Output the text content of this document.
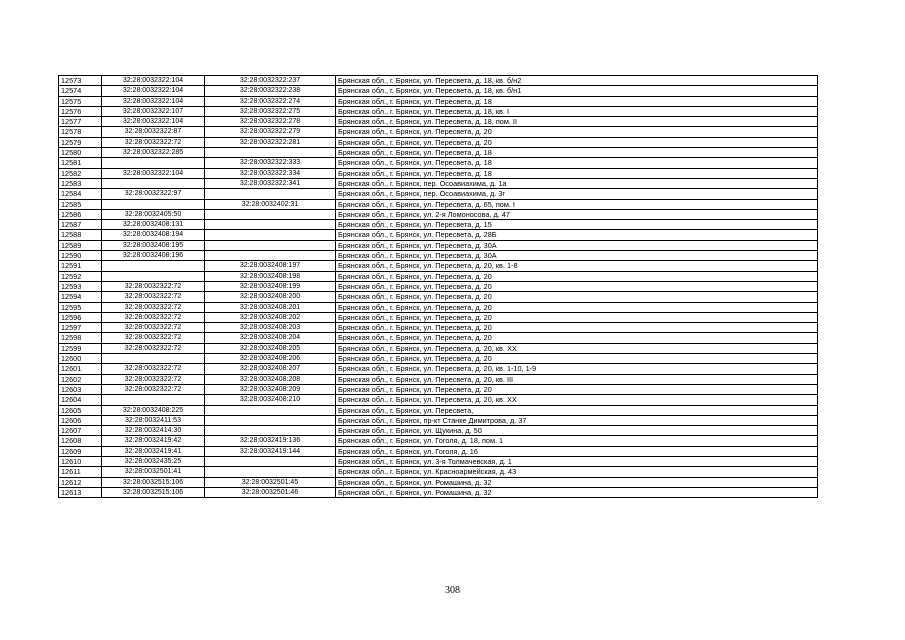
12573	32:28:0032322:104	32:28:0032322:237	Брянская обл., г. Брянск, ул. Пересвета, д. 18, кв. б/н2
12574	32:28:0032322:104	32:28:0032322:238	Брянская обл., г. Брянск, ул. Пересвета, д. 18, кв. б/н1
12575	32:28:0032322:104	32:28:0032322:274	Брянская обл., г. Брянск, ул. Пересвета, д. 18
12576	32:28:0032322:107	32:28:0032322:275	Брянская обл., г. Брянск, ул. Пересвета, д. 18, кв. I
12577	32:28:0032322:104	32:28:0032322:278	Брянская обл., г. Брянск, ул. Пересвета, д. 18, пом. II
12578	32:28:0032322:87	32:28:0032322:279	Брянская обл., г. Брянск, ул. Пересвета, д. 20
12579	32:28:0032322:72	32:28:0032322:281	Брянская обл., г. Брянск, ул. Пересвета, д. 20
12580	32:28:0032322:285		Брянская обл., г. Брянск, ул. Пересвета, д. 18
12581		32:28:0032322:333	Брянская обл., г. Брянск, ул. Пересвета, д. 18
12582	32:28:0032322:104	32:28:0032322:334	Брянская обл., г. Брянск, ул. Пересвета, д. 18
12583		32:28:0032322:341	Брянская обл., г. Брянск, пер. Осоавиахима, д. 1а
12584	32:28:0032322:97		Брянская обл., г. Брянск, пер. Осоавиахима, д. 3г
12585		32:28:0032402:31	Брянская обл., г. Брянск, ул. Пересвета, д. 65, пом. I
12586	32:28:0032405:50		Брянская обл., г. Брянск, ул. 2-я Ломоносова, д. 47
12587	32:28:0032408:131		Брянская обл., г. Брянск, ул. Пересвета, д. 15
12588	32:28:0032408:194		Брянская обл., г. Брянск, ул. Пересвета, д. 28Б
12589	32:28:0032408:195		Брянская обл., г. Брянск, ул. Пересвета, д. 30А
12590	32:28:0032408:196		Брянская обл., г. Брянск, ул. Пересвета, д. 30А
12591		32:28:0032408:197	Брянская обл., г. Брянск, ул. Пересвета, д. 20, кв. 1-8
12592		32:28:0032408:198	Брянская обл., г. Брянск, ул. Пересвета, д. 20
12593	32:28:0032322:72	32:28:0032408:199	Брянская обл., г. Брянск, ул. Пересвета, д. 20
12594	32:28:0032322:72	32:28:0032408:200	Брянская обл., г. Брянск, ул. Пересвета, д. 20
12595	32:28:0032322:72	32:28:0032408:201	Брянская обл., г. Брянск, ул. Пересвета, д. 20
12596	32:28:0032322:72	32:28:0032408:202	Брянская обл., г. Брянск, ул. Пересвета, д. 20
12597	32:28:0032322:72	32:28:0032408:203	Брянская обл., г. Брянск, ул. Пересвета, д. 20
12598	32:28:0032322:72	32:28:0032408:204	Брянская обл., г. Брянск, ул. Пересвета, д. 20
12599	32:28:0032322:72	32:28:0032408:205	Брянская обл., г. Брянск, ул. Пересвета, д. 20, кв. XX
12600		32:28:0032408:206	Брянская обл., г. Брянск, ул. Пересвета, д. 20
12601	32:28:0032322:72	32:28:0032408:207	Брянская обл., г. Брянск, ул. Пересвета, д. 20, кв. 1-10, 1-9
12602	32:28:0032322:72	32:28:0032408:208	Брянская обл., г. Брянск, ул. Пересвета, д. 20, кв. III
12603	32:28:0032322:72	32:28:0032408:209	Брянская обл., г. Брянск, ул. Пересвета, д. 20
12604		32:28:0032408:210	Брянская обл., г. Брянск, ул. Пересвета, д. 20, кв. XX
12605	32:28:0032408:225		Брянская обл., г. Брянск, ул. Пересвета,
12606	32:28:0032411:53		Брянская обл., г. Брянск, пр-кт Станке Димитрова, д. 37
12607	32:28:0032414:30		Брянская обл., г. Брянск, ул. Щукина, д. 50
12608	32:28:0032419:42	32:28:0032419:136	Брянская обл., г. Брянск, ул. Гоголя, д. 18, пом. 1
12609	32:28:0032419:41	32:28:0032419:144	Брянская обл., г. Брянск, ул. Гоголя, д. 16
12610	32:28:0032435:25		Брянская обл., г. Брянск, ул. 3-я Толмачевская, д. 1
12611	32:28:0032501:41		Брянская обл., г. Брянск, ул. Красноармейская, д. 43
12612	32:28:0032515:106	32:28:0032501:45	Брянская обл., г. Брянск, ул. Ромашина, д. 32
12613	32:28:0032515:106	32:28:0032501:46	Брянская обл., г. Брянск, ул. Ромашина, д. 32
308
